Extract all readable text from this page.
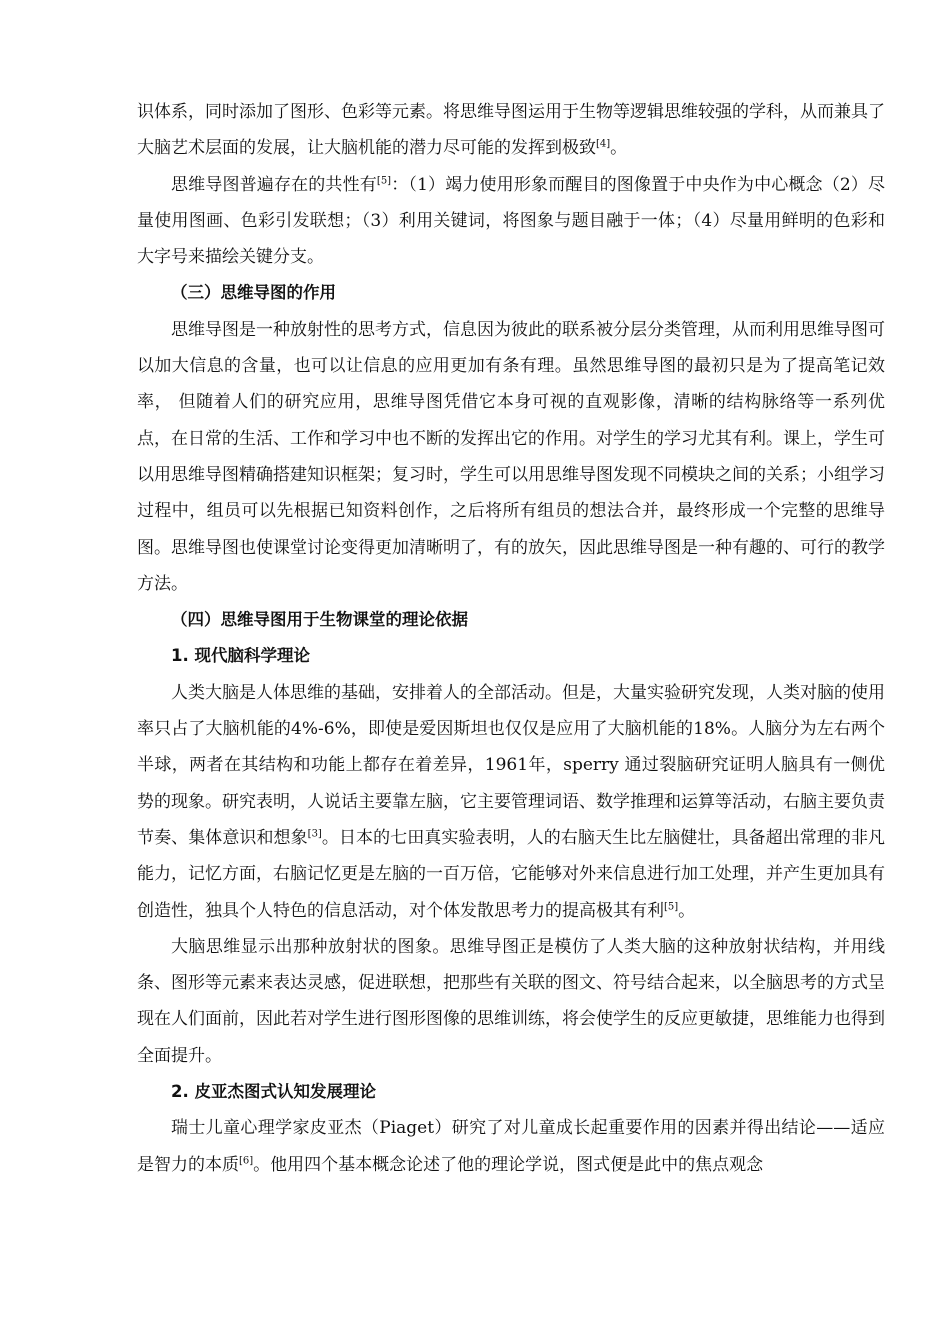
识体系，同时添加了图形、色彩等元素。将思维导图运用于生物等逻辑思维较强的学科，从而兼具了大脑艺术层面的发展，让大脑机能的潜力尽可能的发挥到极致[4]。

思维导图普遍存在的共性有[5]：（1）竭力使用形象而醒目的图像置于中央作为中心概念（2）尽量使用图画、色彩引发联想；（3）利用关键词，将图象与题目融于一体；（4）尽量用鲜明的色彩和大字号来描绘关键分支。

（三）思维导图的作用

思维导图是一种放射性的思考方式，信息因为彼此的联系被分层分类管理，从而利用思维导图可以加大信息的含量，也可以让信息的应用更加有条有理。虽然思维导图的最初只是为了提高笔记效率， 但随着人们的研究应用，思维导图凭借它本身可视的直观影像，清晰的结构脉络等一系列优点，在日常的生活、工作和学习中也不断的发挥出它的作用。对学生的学习尤其有利。课上，学生可以用思维导图精确搭建知识框架；复习时，学生可以用思维导图发现不同模块之间的关系；小组学习过程中，组员可以先根据已知资料创作，之后将所有组员的想法合并，最终形成一个完整的思维导图。思维导图也使课堂讨论变得更加清晰明了，有的放矢，因此思维导图是一种有趣的、可行的教学方法。

（四）思维导图用于生物课堂的理论依据
1. 现代脑科学理论

人类大脑是人体思维的基础，安排着人的全部活动。但是，大量实验研究发现，人类对脑的使用率只占了大脑机能的4%-6%，即使是爱因斯坦也仅仅是应用了大脑机能的18%。人脑分为左右两个半球，两者在其结构和功能上都存在着差异，1961年，sperry 通过裂脑研究证明人脑具有一侧优势的现象。研究表明，人说话主要靠左脑，它主要管理词语、数学推理和运算等活动，右脑主要负责节奏、集体意识和想象[3]。日本的七田真实验表明，人的右脑天生比左脑健壮，具备超出常理的非凡能力，记忆方面，右脑记忆更是左脑的一百万倍，它能够对外来信息进行加工处理，并产生更加具有创造性，独具个人特色的信息活动，对个体发散思考力的提高极其有利[5]。

大脑思维显示出那种放射状的图象。思维导图正是模仿了人类大脑的这种放射状结构，并用线条、图形等元素来表达灵感，促进联想，把那些有关联的图文、符号结合起来，以全脑思考的方式呈现在人们面前，因此若对学生进行图形图像的思维训练，将会使学生的反应更敏捷，思维能力也得到全面提升。

2. 皮亚杰图式认知发展理论

瑞士儿童心理学家皮亚杰（Piaget）研究了对儿童成长起重要作用的因素并得出结论——适应是智力的本质[6]。他用四个基本概念论述了他的理论学说，图式便是此中的焦点观念
